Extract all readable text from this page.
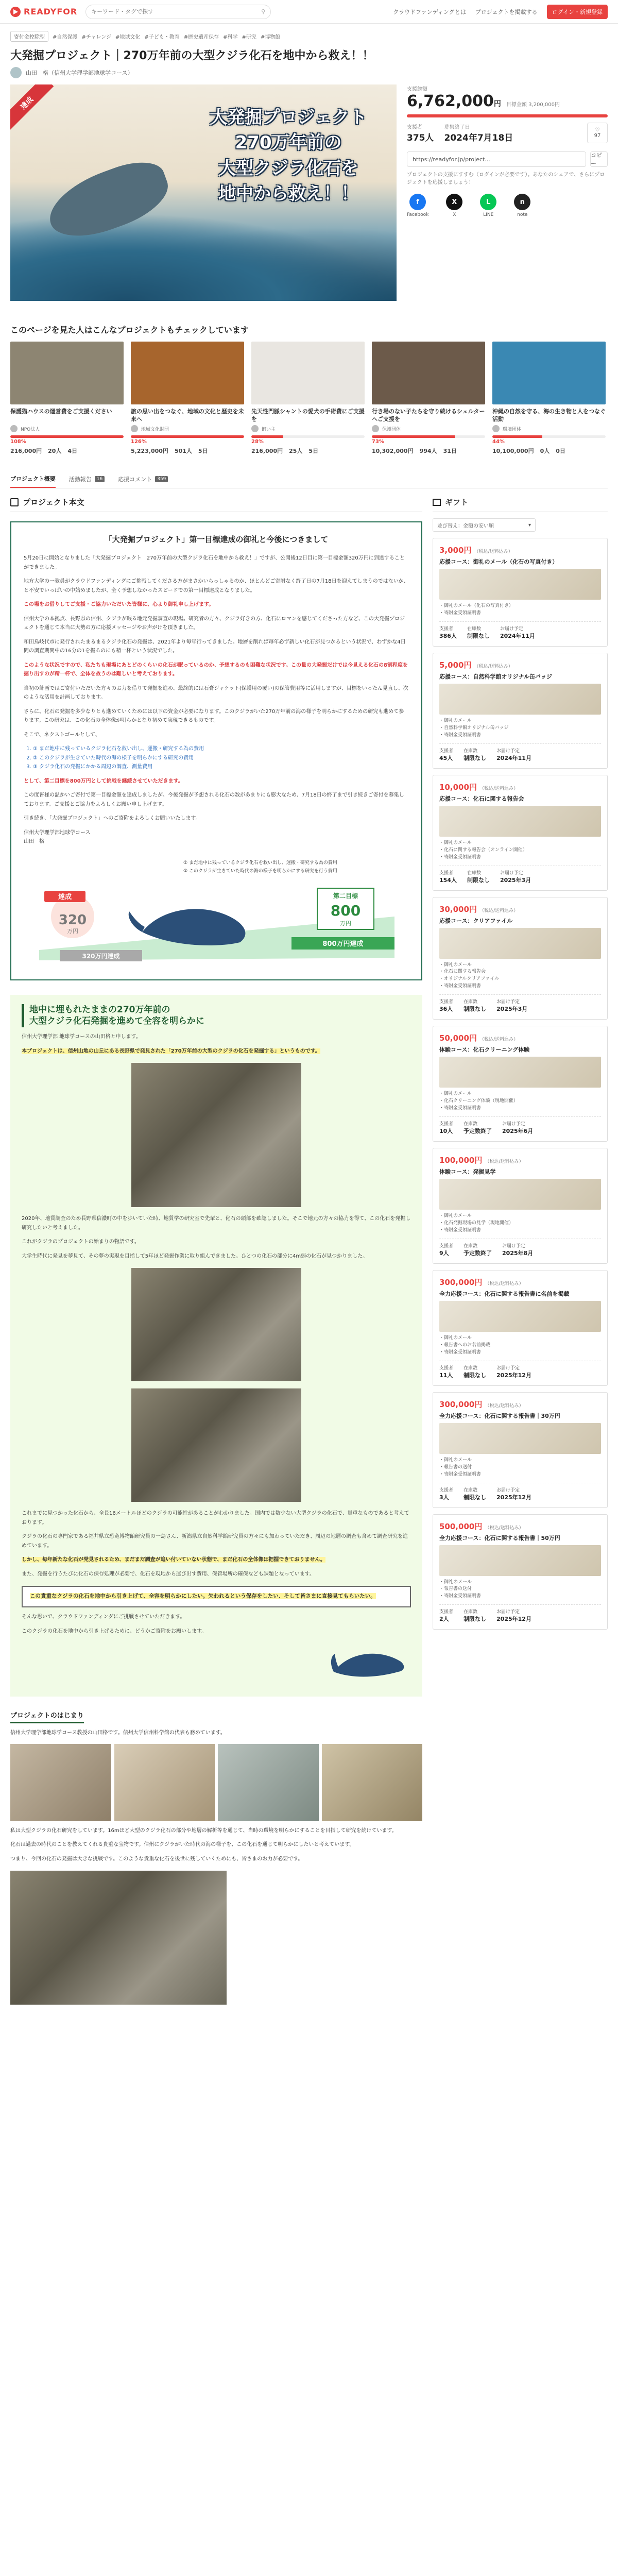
READYFOR
キーワード・タグで探す	⚲	クラウドファンディングとは プロジェクトを掲載する	ログイン・新規登録
寄付金控除型	#自然保護 #チャレンジ #地域文化 #子ども・教育 #歴史遺産保存 #科学 #研究 #博物館
大発掘プロジェクト｜270万年前の大型クジラ化石を地中から救え！！
山田　格（信州大学理学部地球学コース）
達成
大発掘プロジェクト
270万年前の
大型クジラ化石を
地中から救え！！
支援総額
6,762,000円 目標金額 3,200,000円
支援者
375人
募集終了日
2024年7月18日
♡
97
https://readyfor.jp/project...
コピー
プロジェクトの支援にすすむ（ログインが必要です）。あなたのシェアで、さらにプロジェクトを応援しましょう！
f
Facebook
X
X
L
LINE
n
note
このページを見た人はこんなプロジェクトもチェックしています
保護猫ハウスの運営費をご支援ください
NPO法人
108%
216,000円 20人 4日
旅の思い出をつなぐ、地域の文化と歴史を未来へ
地域文化財団
126%
5,223,000円 501人 5日
先天性門脈シャントの愛犬の手術費にご支援を
飼い主
28%
216,000円 25人 5日
行き場のない子たちを守り続けるシェルターへご支援を
保護団体
73%
10,302,000円 994人 31日
沖縄の自然を守る、海の生き物と人をつなぐ活動
環境団体
44%
10,100,000円 0人 0日
プロジェクト概要 活動報告	16	応援コメント	359
プロジェクト本文
「大発掘プロジェクト」第一目標達成の御礼と今後につきまして

5月20日に開始となりました「大発掘プロジェクト　270万年前の大型クジラ化石を地中から救え！」ですが、公開後12日目に第一目標金額320万円に到達することができました。

地方大学の一教員がクラウドファンディングにご挑戦してくださる方がまさかいらっしゃるのか、ほとんどご寄附なく終了日の7月18日を迎えてしまうのではないか、と不安でいっぱいの中始めましたが、全く予想しなかったスピードでの第一目標達成となりました。

この場をお借りしてご支援・ご協力いただいた皆様に、心より御礼申し上げます。

信州大学の本拠点、長野県の信州、クジラが眠る地元発掘調査の現場。研究者の方々、クジラ好きの方、化石にロマンを感じてくださった方など、この大発掘プロジェクトを通じて本当に大勢の方に応援メッセージやお声がけを頂きました。

和田鳥岐代市に発行されたまるまるクジラ化石の発掘は、2021年より毎年行ってきました。地層を削れば毎年必ず新しい化石が見つかるという状況で、わずかな4日間の調査期間中の16分の1を掘るのにも精一杯という状況でした。

このような状況ですので、私たちも現場にあとどのくらいの化石が眠っているのか、予想するのも困難な状況です。この量の大発掘だけでは今見える化石の8割程度を掘り出すのが精一杯で、全体を救うのは難しいと考えております。

当初の計画ではご寄付いただいた方々のお力を借りて発掘を進め、最終的には石膏ジャケット(保護用の覆い)の保管費用等に活用しますが、目標をいったん見直し、次のような活用を計画しております。

さらに、化石の発掘を多少なりとも進めていくためには以下の資金が必要になります。このクジラがいた270万年前の海の様子を明らかにするための研究も進めて参ります。この研究は、この化石の全体像が明らかとなり初めて実現できるものです。

そこで、ネクストゴールとして、

1. ① まだ地中に残っているクジラ化石を救い出し、運搬・研究する為の費用
2. ② このクジラが生きていた時代の海の様子を明らかにする研究の費用
3. ③ クジラ化石の発掘にかかる周辺の調査、測量費用

として、第二目標を800万円として挑戦を継続させていただきます。

この度皆様の温かいご寄付で第一目標金額を達成しましたが、今後発掘が予想される化石の数があまりにも膨大なため、7月18日の終了まで引き続きご寄付を募集しております。ご支援とご協力をよろしくお願い申し上げます。

引き続き、「大発掘プロジェクト」へのご寄附をよろしくお願いいたします。

信州大学理学部地球学コース
山田　格

達成
320
万円
320万円達成
第二目標
800
万円
800万円達成
① まだ地中に残っているクジラ化石を救い出し、運搬・研究する為の費用
② このクジラが生きていた時代の海の様子を明らかにする研究を行う費用
地中に埋もれたままの270万年前の
大型クジラ化石発掘を進めて全容を明らかに

信州大学理学部 地球学コースの山田格と申します。

本プロジェクトは、信州山地の山丘にある長野県で発見された「270万年前の大型のクジラの化石を発掘する」というものです。

2020年、地質調査のため長野県信濃町の中を歩いていた時、地質学の研究室で先輩と、化石の頭部を確認しました。そこで地元の方々の協力を得て、この化石を発掘し研究したいと考えました。

これがクジラのプロジェクトの始まりの物語です。

大学生時代に発見を夢見て、その夢の実現を目指して5年ほど発掘作業に取り組んできました。ひとつの化石の部分に4m弱の化石が見つかりました。

これまでに見つかった化石から、全長16メートルほどのクジラの可能性があることがわかりました。国内では数少ない大型クジラの化石で、貴重なものであると考えております。

クジラの化石の専門家である福井県立恐竜博物館研究員の一島さん、新潟県立自然科学館研究員の方々にも加わっていただき、周辺の地層の調査も含めて調査研究を進めています。

しかし、毎年新たな化石が発見されるため、まだまだ調査が追い付いていない状態で、まだ化石の全体像は把握できておりません。

また、発掘を行うたびに化石の保存処理が必要で、化石を現地から運び出す費用、保管場所の確保なども課題となっています。

この貴重なクジラの化石を地中から引き上げて、全容を明らかにしたい。失われるという保存をしたい、そして皆さまに直接見てもらいたい。

そんな思いで、クラウドファンディングにご挑戦させていただきます。

このクジラの化石を地中から引き上げるために、どうかご寄附をお願いします。

プロジェクトのはじまり

信州大学理学部地球学コース教授の山田格です。信州大学信州科学館の代表も務めています。

私は大型クジラの化石研究をしています。16mほど大型のクジラ化石の部分や地層の解析等を通じて、当時の環境を明らかにすることを目指して研究を続けています。

化石は過去の時代のことを教えてくれる貴重な宝物です。信州にクジラがいた時代の海の様子を、この化石を通じて明らかにしたいと考えています。

つまり、今回の化石の発掘は大きな挑戦です。このような貴重な化石を後世に残していくためにも、皆さまのお力が必要です。

ギフト
並び替え：金額の安い順	▾
3,000円 （税込/送料込み）
応援コース：御礼のメール（化石の写真付き）
・御礼のメール（化石の写真付き）
・寄附金受領証明書
支援者
386人
在庫数
制限なし
お届け予定
2024年11月
5,000円 （税込/送料込み）
応援コース：自然科学館オリジナル缶バッジ
・御礼のメール
・自然科学館オリジナル缶バッジ
・寄附金受領証明書
支援者
45人
在庫数
制限なし
お届け予定
2024年11月
10,000円 （税込/送料込み）
応援コース：化石に関する報告会
・御礼のメール
・化石に関する報告会（オンライン開催）
・寄附金受領証明書
支援者
154人
在庫数
制限なし
お届け予定
2025年3月
30,000円 （税込/送料込み）
応援コース：クリアファイル
・御礼のメール
・化石に関する報告会
・オリジナルクリアファイル
・寄附金受領証明書
支援者
36人
在庫数
制限なし
お届け予定
2025年3月
50,000円 （税込/送料込み）
体験コース：化石クリーニング体験
・御礼のメール
・化石クリーニング体験（現地開催）
・寄附金受領証明書
支援者
10人
在庫数
予定数終了
お届け予定
2025年6月
100,000円 （税込/送料込み）
体験コース：発掘見学
・御礼のメール
・化石発掘現場の見学（現地開催）
・寄附金受領証明書
支援者
9人
在庫数
予定数終了
お届け予定
2025年8月
300,000円 （税込/送料込み）
全力応援コース：化石に関する報告書に名前を掲載
・御礼のメール
・報告書へのお名前掲載
・寄附金受領証明書
支援者
11人
在庫数
制限なし
お届け予定
2025年12月
300,000円 （税込/送料込み）
全力応援コース：化石に関する報告書｜30万円
・御礼のメール
・報告書の送付
・寄附金受領証明書
支援者
3人
在庫数
制限なし
お届け予定
2025年12月
500,000円 （税込/送料込み）
全力応援コース：化石に関する報告書｜50万円
・御礼のメール
・報告書の送付
・寄附金受領証明書
支援者
2人
在庫数
制限なし
お届け予定
2025年12月
